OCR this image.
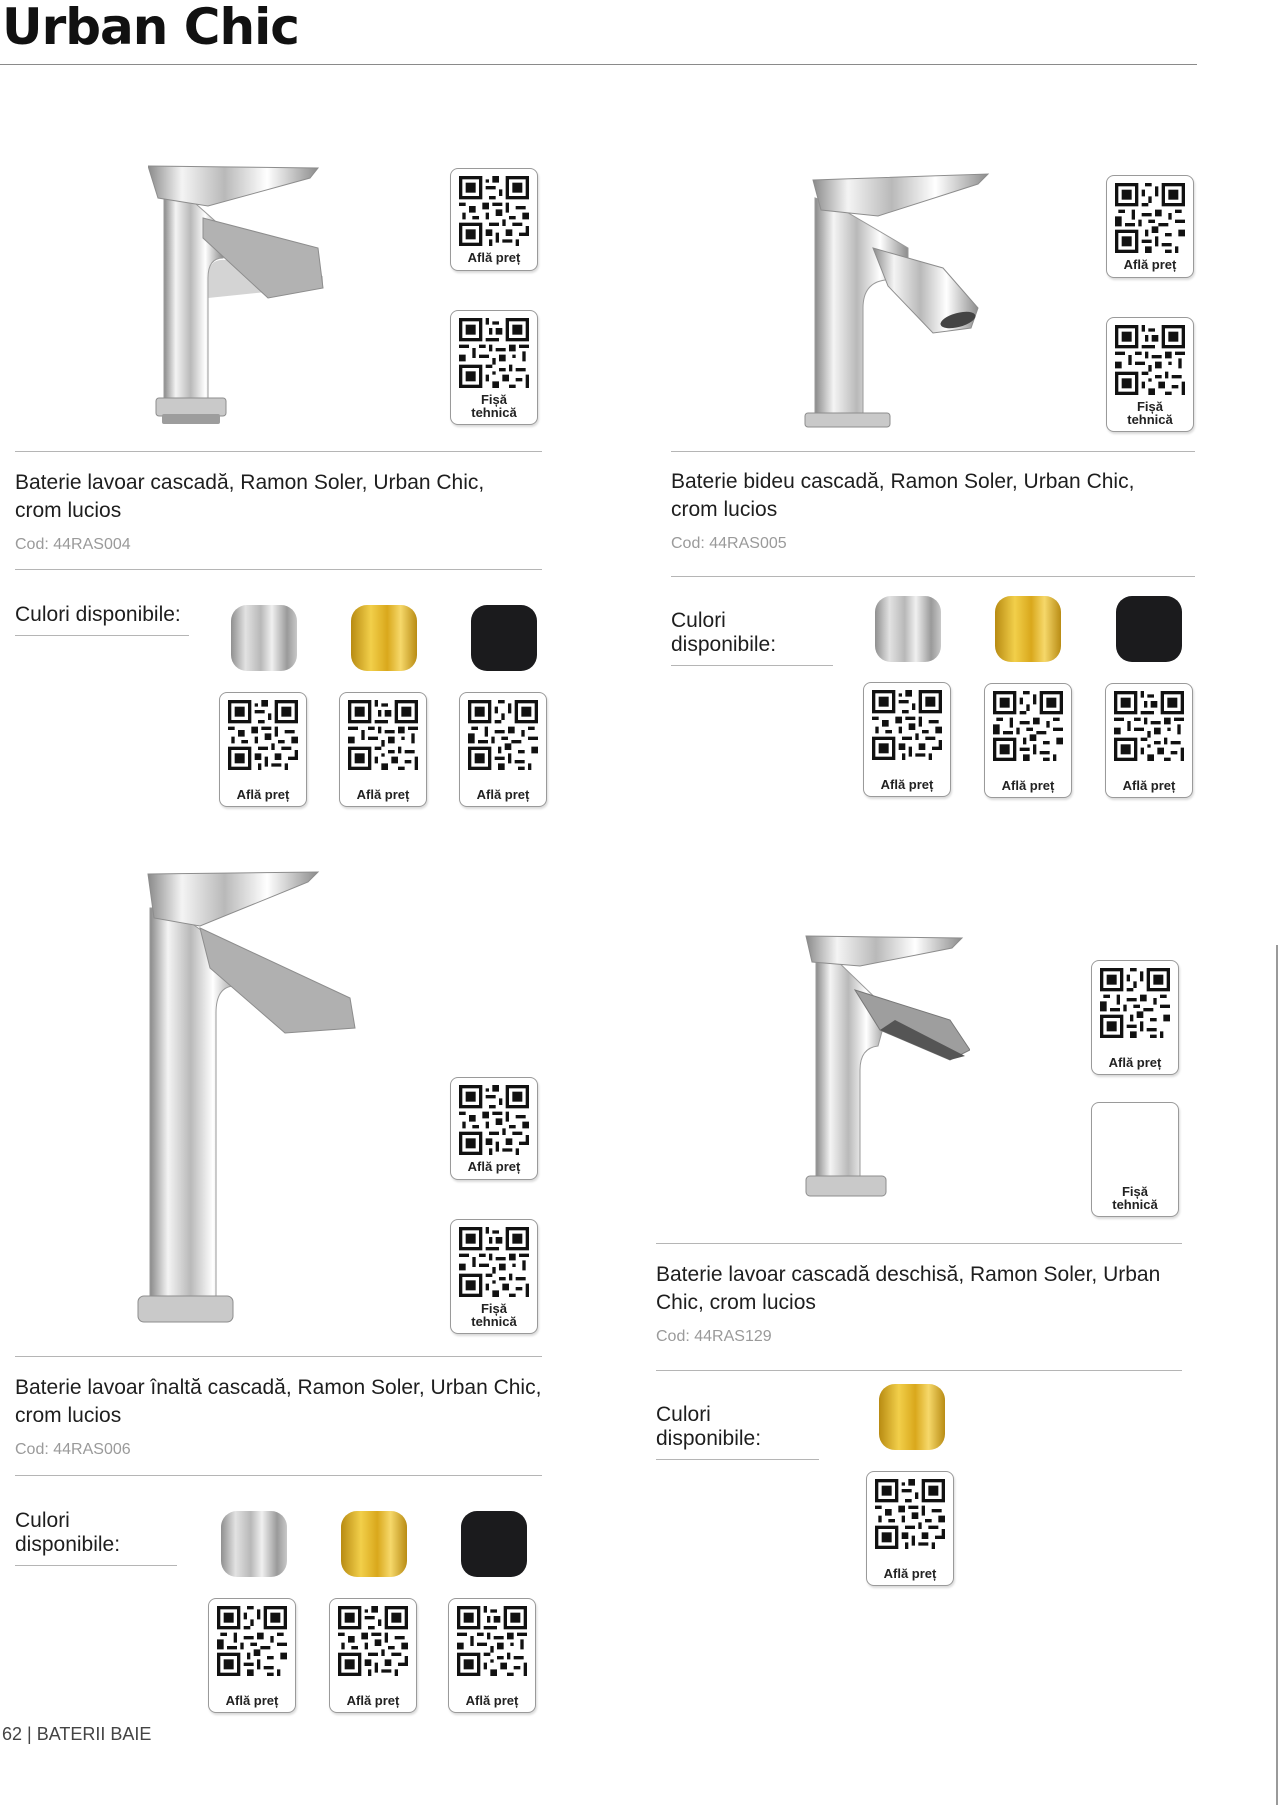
Urban Chic
Află preț
Fișă
tehnică
Baterie lavoar cascadă, Ramon Soler, Urban Chic,
crom lucios
Cod: 44RAS004
Culori disponibile:
Află preț	Află preț	Află preț
Află preț
Fișă
tehnică
Baterie bideu cascadă, Ramon Soler, Urban Chic,
crom lucios
Cod: 44RAS005
Culori disponibile:
Află preț	Află preț	Află preț
Află preț
Fișă
tehnică
Baterie lavoar înaltă cascadă, Ramon Soler, Urban Chic,
crom lucios
Cod: 44RAS006
Culori disponibile:
Află preț	Află preț	Află preț
Află preț
Fișă
tehnică
Baterie lavoar cascadă deschisă, Ramon Soler, Urban
Chic, crom lucios
Cod: 44RAS129
Culori disponibile:
Află preț
62 | BATERII BAIE
